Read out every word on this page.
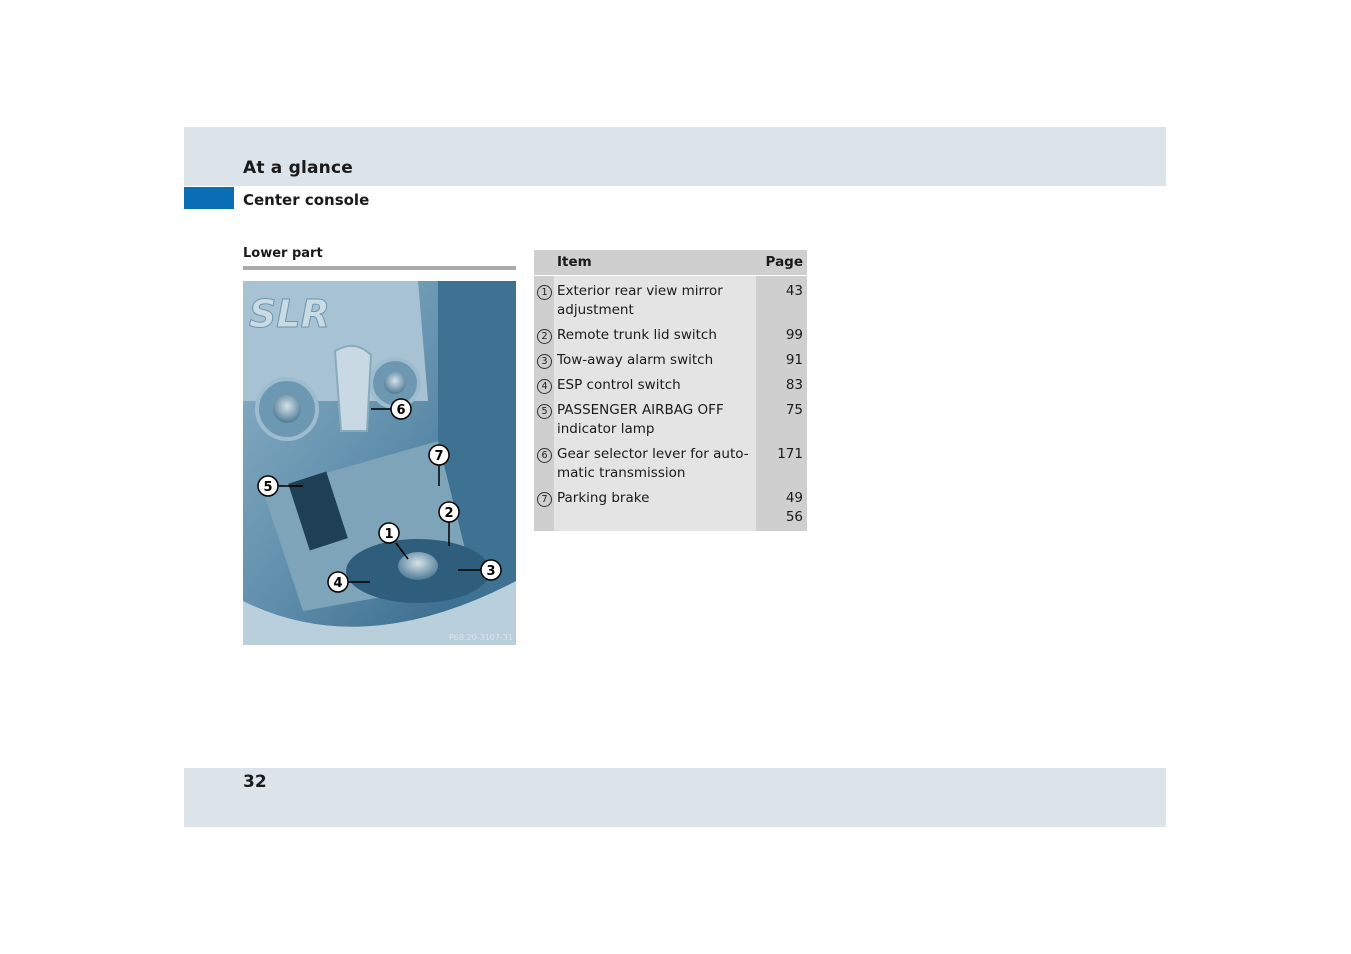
At a glance
Center console
Lower part
SLR
6
7
5
2
1
3
4
P68.20-3107-31
	Item	Page
1	Exterior rear view mirror
adjustment	43

2	Remote trunk lid switch	99

3	Tow-away alarm switch	91

4	ESP control switch	83

5	PASSENGER AIRBAG OFF
indicator lamp	75

6	Gear selector lever for auto-
matic transmission	171

7	Parking brake	49
56
32
